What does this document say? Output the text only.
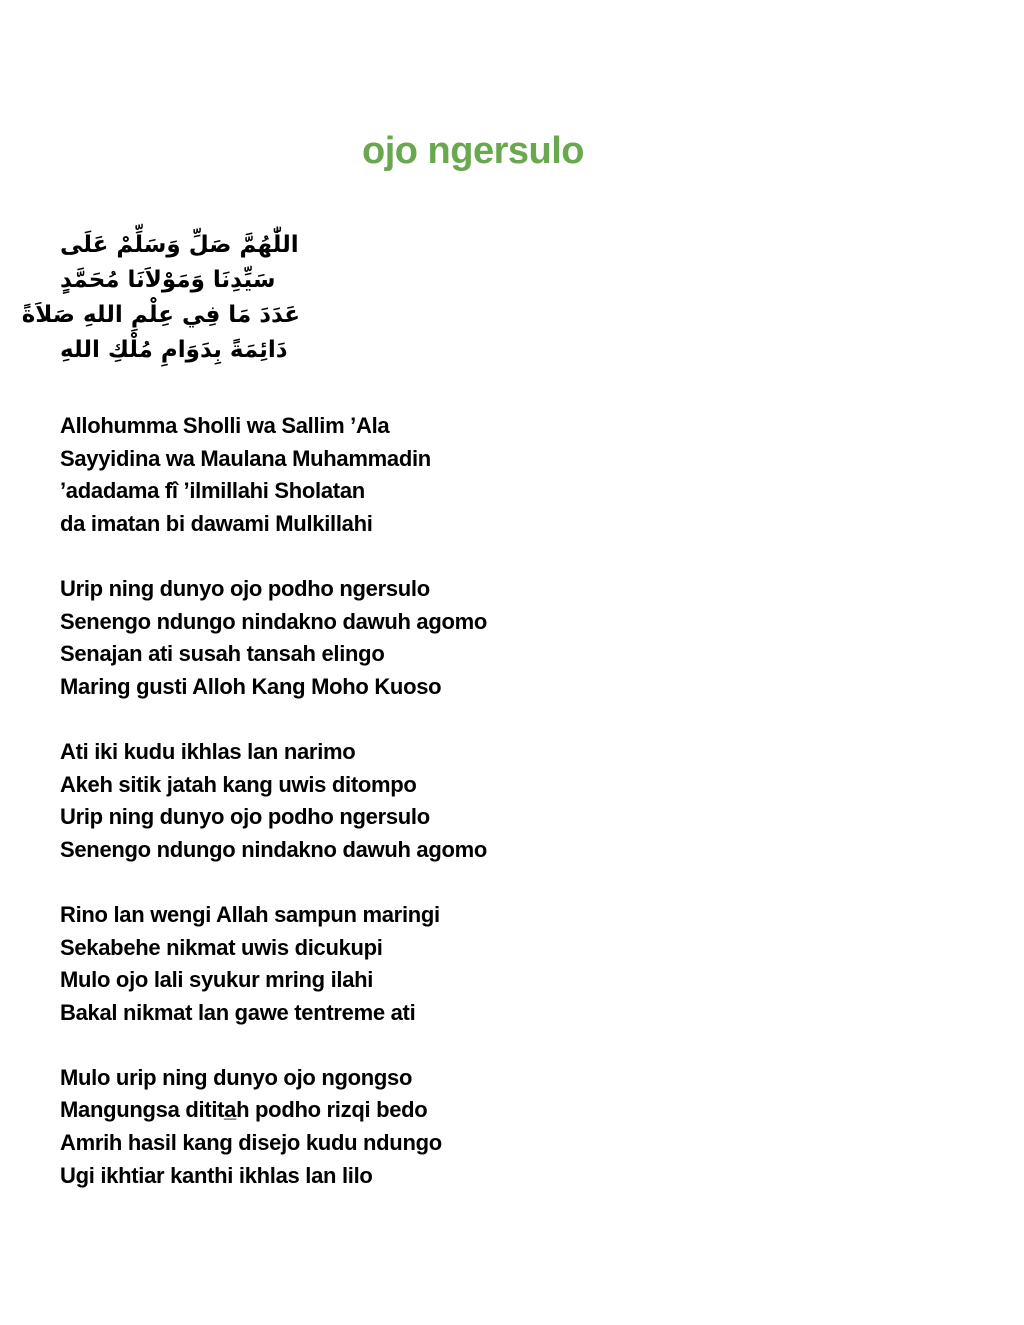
ojo ngersulo
اللّٰهُمَّ صَلِّ وَسَلِّمْ عَلَى
سَيِّدِنَا وَمَوْلاَنَا مُحَمَّدٍ
عَدَدَ مَا فِي عِلْمِ اللهِ صَلاَةً
دَائِمَةً بِدَوَامِ مُلْكِ اللهِ
Allohumma Sholli wa Sallim ’Ala
Sayyidina wa Maulana Muhammadin
’adadama fî ’ilmillahi Sholatan
da imatan bi dawami Mulkillahi
Urip ning dunyo ojo podho ngersulo
Senengo ndungo nindakno dawuh agomo
Senajan ati susah tansah elingo
Maring gusti Alloh Kang Moho Kuoso
Ati iki kudu ikhlas lan narimo
Akeh sitik jatah kang uwis ditompo
Urip ning dunyo ojo podho ngersulo
Senengo ndungo nindakno dawuh agomo
Rino lan wengi Allah sampun maringi
Sekabehe nikmat uwis dicukupi
Mulo ojo lali syukur mring ilahi
Bakal nikmat lan gawe tentreme ati
Mulo urip ning dunyo ojo ngongso
Mangungsa ditita̲h podho rizqi bedo
Amrih hasil kang disejo kudu ndungo
Ugi ikhtiar kanthi ikhlas lan lilo
